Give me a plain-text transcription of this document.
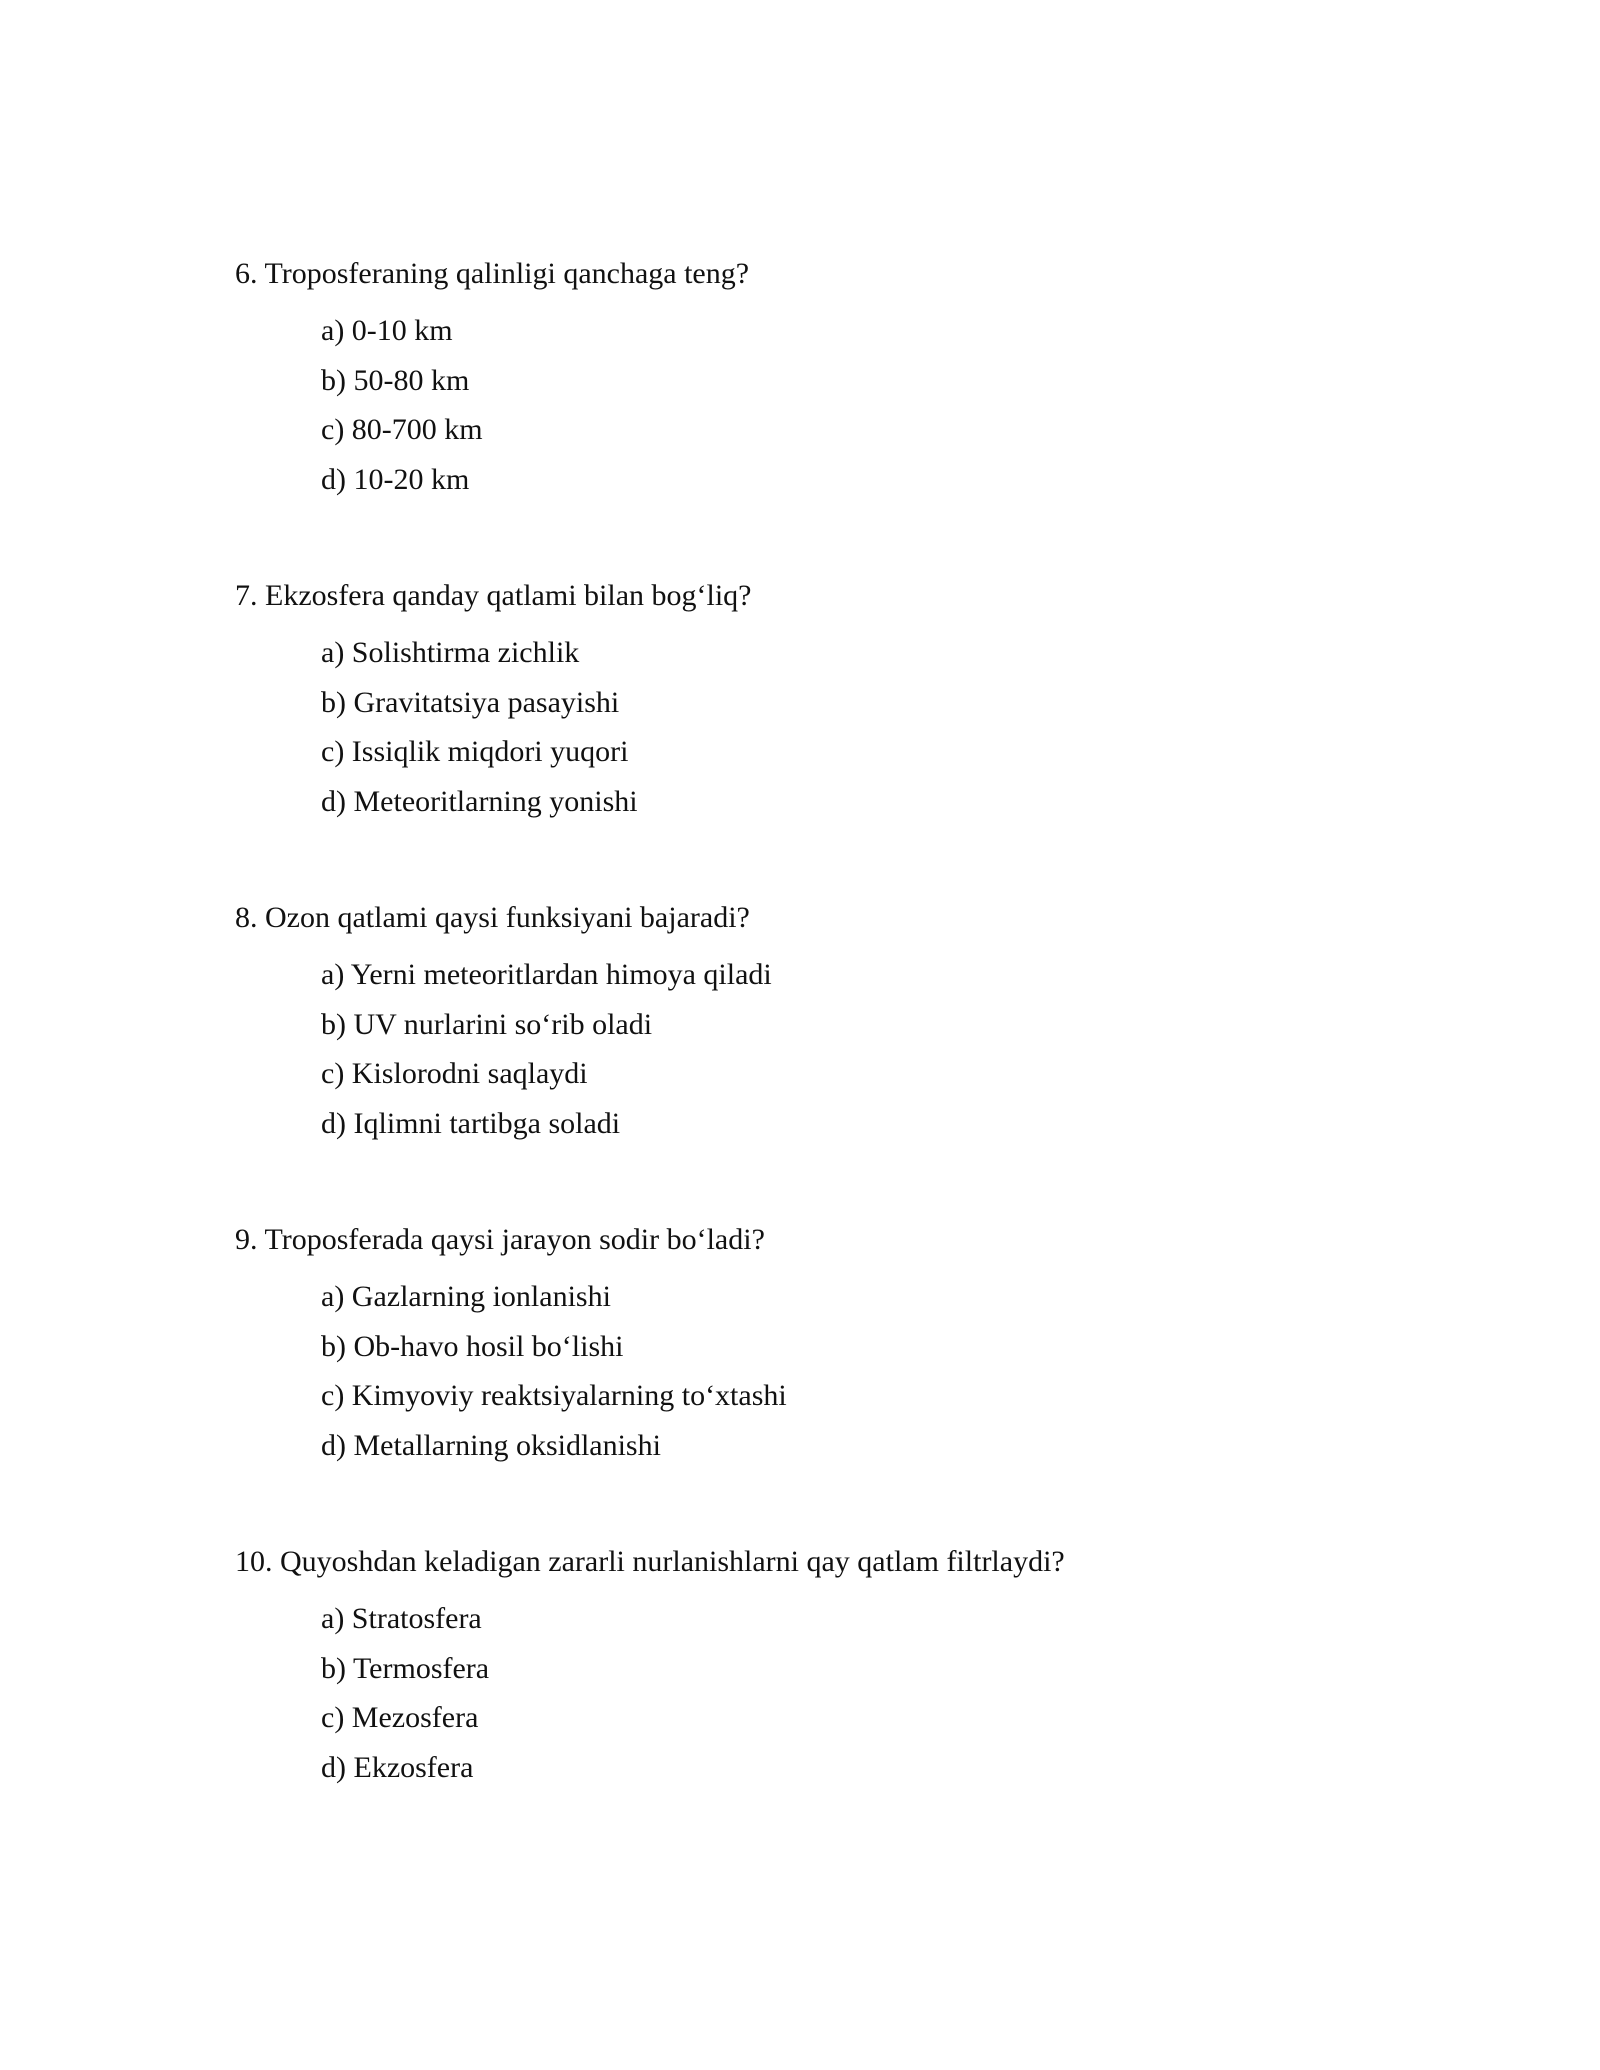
6. Troposferaning qalinligi qanchaga teng?
a) 0-10 km
b) 50-80 km
c) 80-700 km
d) 10-20 km
7. Ekzosfera qanday qatlami bilan bog‘liq?
a) Solishtirma zichlik
b) Gravitatsiya pasayishi
c) Issiqlik miqdori yuqori
d) Meteoritlarning yonishi
8. Ozon qatlami qaysi funksiyani bajaradi?
a) Yerni meteoritlardan himoya qiladi
b) UV nurlarini so‘rib oladi
c) Kislorodni saqlaydi
d) Iqlimni tartibga soladi
9. Troposferada qaysi jarayon sodir bo‘ladi?
a) Gazlarning ionlanishi
b) Ob-havo hosil bo‘lishi
c) Kimyoviy reaktsiyalarning to‘xtashi
d) Metallarning oksidlanishi
10. Quyoshdan keladigan zararli nurlanishlarni qay qatlam filtrlaydi?
a) Stratosfera
b) Termosfera
c) Mezosfera
d) Ekzosfera
